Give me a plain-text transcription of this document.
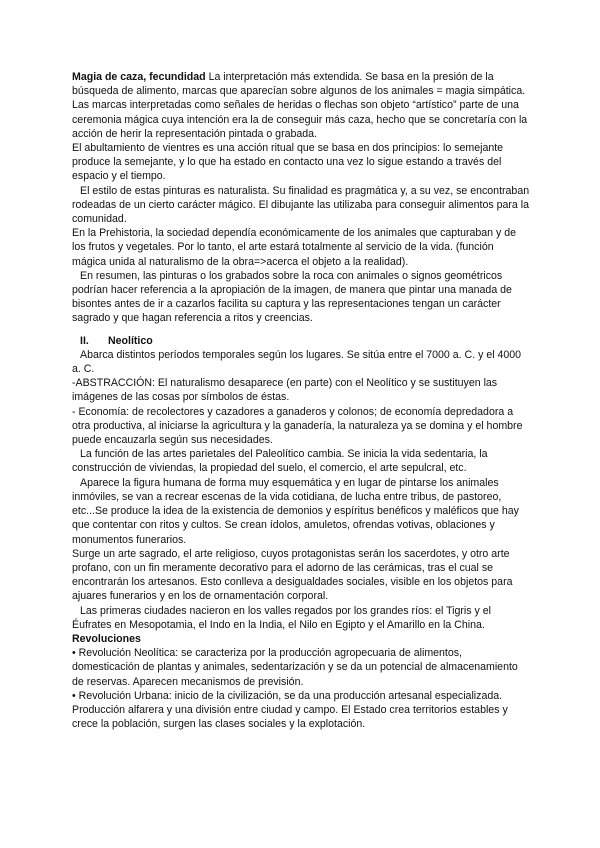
Magia de caza, fecundidad La interpretación más extendida. Se basa en la presión de la búsqueda de alimento, marcas que aparecían sobre algunos de los animales = magia simpática. Las marcas interpretadas como señales de heridas o flechas son objeto “artístico” parte de una ceremonia mágica cuya intención era la de conseguir más caza, hecho que se concretaría con la acción de herir la representación pintada o grabada.

El abultamiento de vientres es una acción ritual que se basa en dos principios: lo semejante produce la semejante, y lo que ha estado en contacto una vez lo sigue estando a través del espacio y el tiempo.

El estilo de estas pinturas es naturalista. Su finalidad es pragmática y, a su vez, se encontraban rodeadas de un cierto carácter mágico. El dibujante las utilizaba para conseguir alimentos para la comunidad.

En la Prehistoria, la sociedad dependía económicamente de los animales que capturaban y de los frutos y vegetales. Por lo tanto, el arte estará totalmente al servicio de la vida. (función mágica unida al naturalismo de la obra=>acerca el objeto a la realidad).

En resumen, las pinturas o los grabados sobre la roca con animales o signos geométricos podrían hacer referencia a la apropiación de la imagen, de manera que pintar una manada de bisontes antes de ir a cazarlos facilita su captura y las representaciones tengan un carácter sagrado y que hagan referencia a ritos y creencias.

II. Neolítico

Abarca distintos períodos temporales según los lugares. Se sitúa entre el 7000 a. C. y el 4000 a. C.

-ABSTRACCIÓN: El naturalismo desaparece (en parte) con el Neolítico y se sustituyen las imágenes de las cosas por símbolos de éstas.

- Economía: de recolectores y cazadores a ganaderos y colonos; de economía depredadora a otra productiva, al iniciarse la agricultura y la ganadería, la naturaleza ya se domina y el hombre puede encauzarla según sus necesidades.

La función de las artes parietales del Paleolítico cambia. Se inicia la vida sedentaria, la construcción de viviendas, la propiedad del suelo, el comercio, el arte sepulcral, etc.

Aparece la figura humana de forma muy esquemática y en lugar de pintarse los animales inmóviles, se van a recrear escenas de la vida cotidiana, de lucha entre tribus, de pastoreo, etc...Se produce la idea de la existencia de demonios y espíritus benéficos y maléficos que hay que contentar con ritos y cultos. Se crean ídolos, amuletos, ofrendas votivas, oblaciones y monumentos funerarios.

Surge un arte sagrado, el arte religioso, cuyos protagonistas serán los sacerdotes, y otro arte profano, con un fin meramente decorativo para el adorno de las cerámicas, tras el cual se encontrarán los artesanos. Esto conlleva a desigualdades sociales, visible en los objetos para ajuares funerarios y en los de ornamentación corporal.

Las primeras ciudades nacieron en los valles regados por los grandes ríos: el Tigris y el Éufrates en Mesopotamia, el Indo en la India, el Nilo en Egipto y el Amarillo en la China.

Revoluciones

• Revolución Neolítica: se caracteriza por la producción agropecuaria de alimentos, domesticación de plantas y animales, sedentarización y se da un potencial de almacenamiento de reservas. Aparecen mecanismos de previsión.

• Revolución Urbana: inicio de la civilización, se da una producción artesanal especializada. Producción alfarera y una división entre ciudad y campo. El Estado crea territorios estables y crece la población, surgen las clases sociales y la explotación.
